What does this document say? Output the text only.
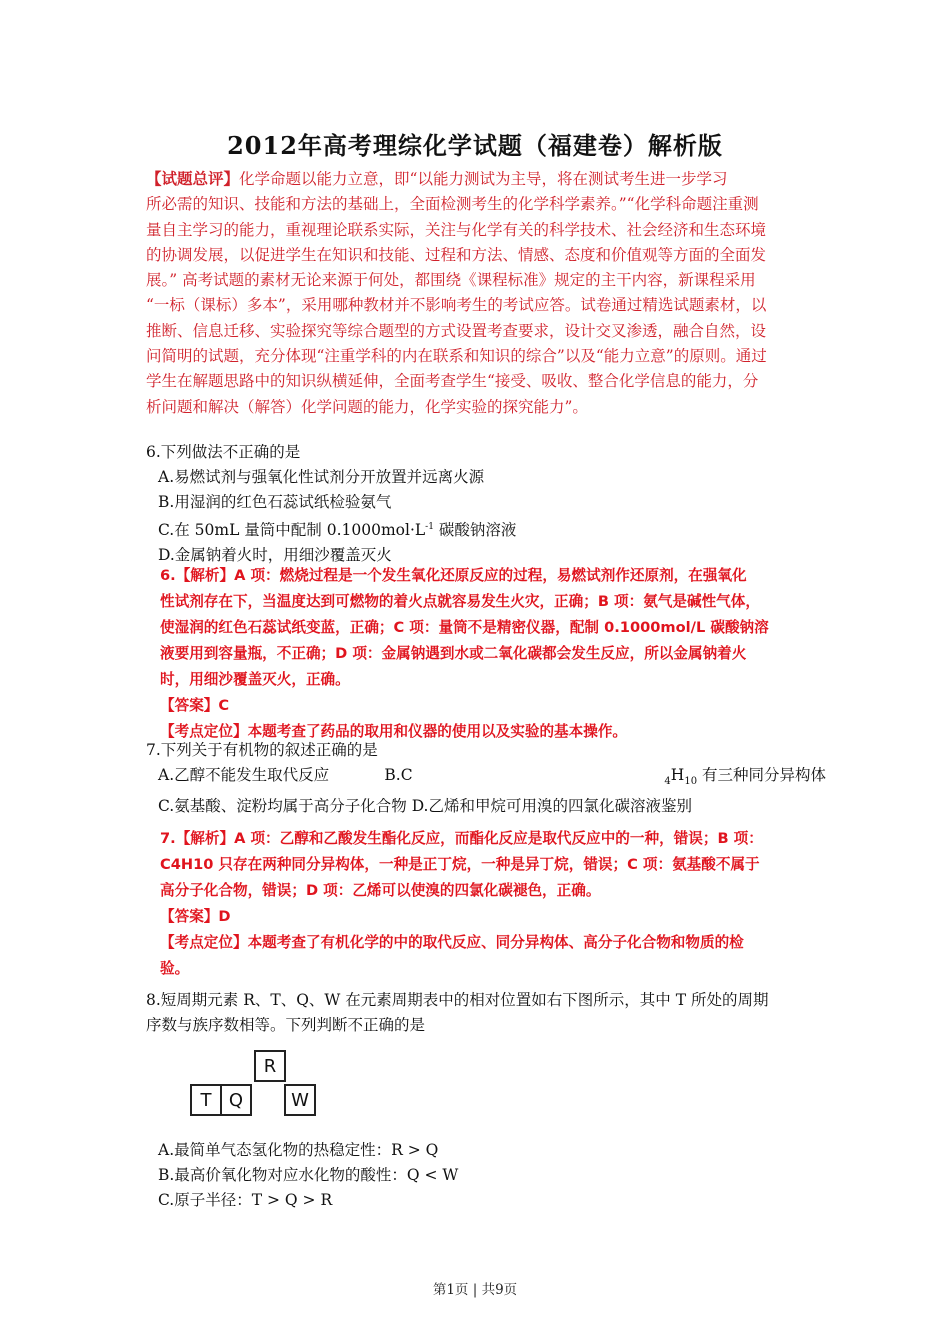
2012年高考理综化学试题（福建卷）解析版

【试题总评】化学命题以能力立意，即“以能力测试为主导，将在测试考生进一步学习

所必需的知识、技能和方法的基础上，全面检测考生的化学科学素养。”“化学科命题注重测

量自主学习的能力，重视理论联系实际，关注与化学有关的科学技术、社会经济和生态环境

的协调发展，以促进学生在知识和技能、过程和方法、情感、态度和价值观等方面的全面发

展。” 高考试题的素材无论来源于何处，都围绕《课程标准》规定的主干内容，新课程采用

“一标（课标）多本”，采用哪种教材并不影响考生的考试应答。试卷通过精选试题素材，以

推断、信息迁移、实验探究等综合题型的方式设置考查要求，设计交叉渗透，融合自然，设

问简明的试题，充分体现“注重学科的内在联系和知识的综合”以及“能力立意”的原则。通过

学生在解题思路中的知识纵横延伸，全面考查学生“接受、吸收、整合化学信息的能力，分

析问题和解决（解答）化学问题的能力，化学实验的探究能力”。

6.下列做法不正确的是
A.易燃试剂与强氧化性试剂分开放置并远离火源
B.用湿润的红色石蕊试纸检验氨气
C.在 50mL 量筒中配制 $0.1000mol\cdot L^{-1}$ 碳酸钠溶液
D.金属钠着火时，用细沙覆盖灭火
6.【解析】A 项：燃烧过程是一个发生氧化还原反应的过程，易燃试剂作还原剂，在强氧化
性试剂存在下，当温度达到可燃物的着火点就容易发生火灾，正确；B 项：氨气是碱性气体，
使湿润的红色石蕊试纸变蓝，正确；C 项：量筒不是精密仪器，配制 0.1000mol/L 碳酸钠溶
液要用到容量瓶，不正确；D 项：金属钠遇到水或二氧化碳都会发生反应，所以金属钠着火
时，用细沙覆盖灭火，正确。
【答案】C
【考点定位】本题考查了药品的取用和仪器的使用以及实验的基本操作。
7.下列关于有机物的叙述正确的是
A.乙醇不能发生取代反应	B.C	$_4H_{10}$ 有三种同分异构体
C.氨基酸、淀粉均属于高分子化合物 D.乙烯和甲烷可用溴的四氯化碳溶液鉴别
7.【解析】A 项：乙醇和乙酸发生酯化反应，而酯化反应是取代反应中的一种，错误；B 项：
C4H10 只存在两种同分异构体，一种是正丁烷，一种是异丁烷，错误；C 项：氨基酸不属于
高分子化合物，错误；D 项：乙烯可以使溴的四氯化碳褪色，正确。
【答案】D
【考点定位】本题考查了有机化学的中的取代反应、同分异构体、高分子化合物和物质的检
验。
8.短周期元素 R、T、Q、W 在元素周期表中的相对位置如右下图所示，其中 T 所处的周期
序数与族序数相等。下列判断不正确的是
R
T Q	W
A.最简单气态氢化物的热稳定性：R > Q
B.最高价氧化物对应水化物的酸性：Q < W
C.原子半径：T > Q > R
第1页 | 共9页
